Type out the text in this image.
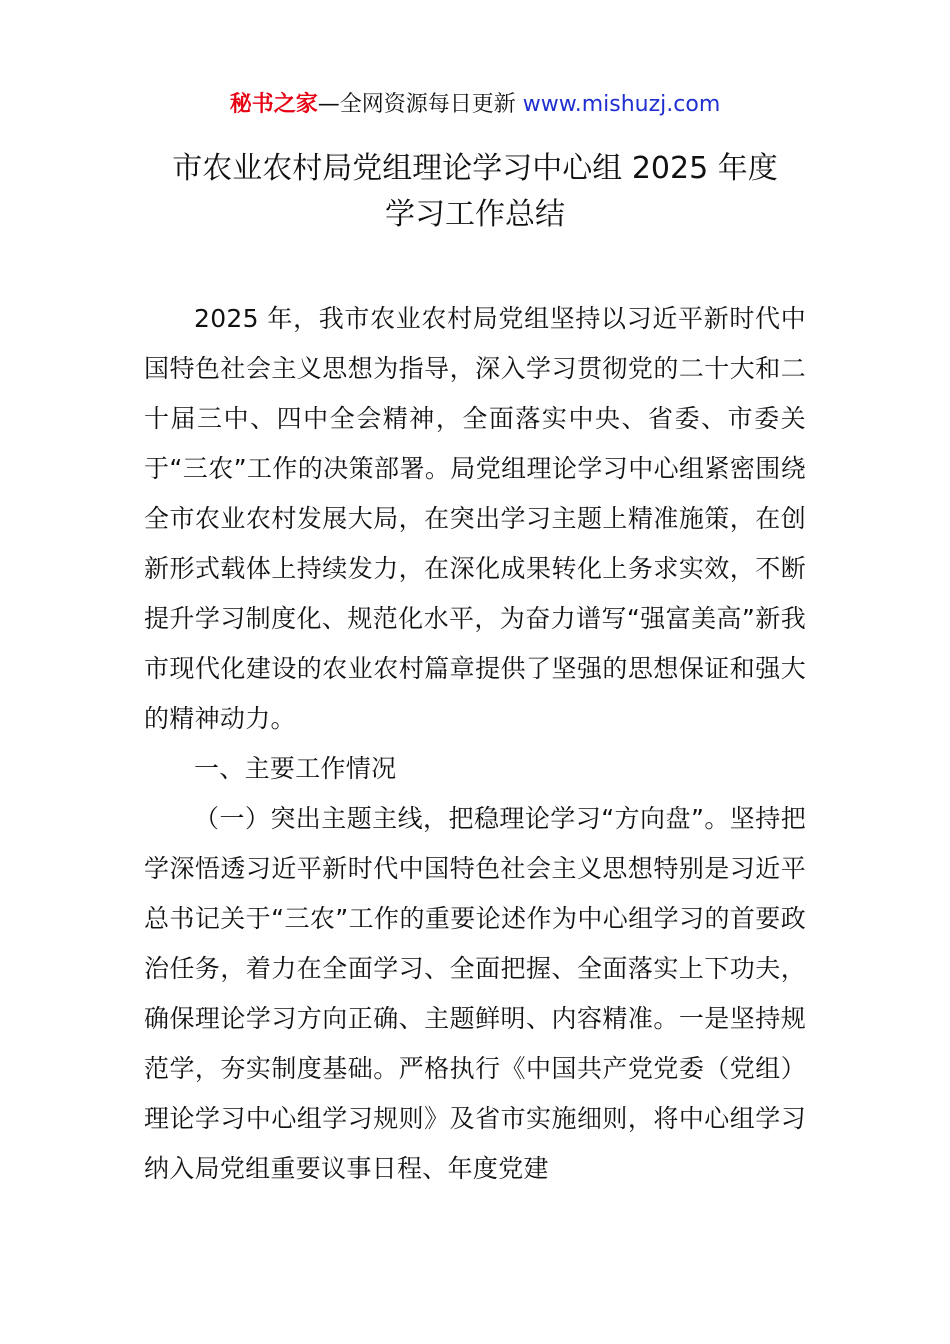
秘书之家—全网资源每日更新 www.mishuzj.com
市农业农村局党组理论学习中心组 2025 年度
学习工作总结

2025 年，我市农业农村局党组坚持以习近平新时代中国特色社会主义思想为指导，深入学习贯彻党的二十大和二十届三中、四中全会精神，全面落实中央、省委、市委关于“三农”工作的决策部署。局党组理论学习中心组紧密围绕全市农业农村发展大局，在突出学习主题上精准施策，在创新形式载体上持续发力，在深化成果转化上务求实效，不断提升学习制度化、规范化水平，为奋力谱写“强富美高”新我市现代化建设的农业农村篇章提供了坚强的思想保证和强大的精神动力。

一、主要工作情况

（一）突出主题主线，把稳理论学习“方向盘”。坚持把学深悟透习近平新时代中国特色社会主义思想特别是习近平总书记关于“三农”工作的重要论述作为中心组学习的首要政治任务，着力在全面学习、全面把握、全面落实上下功夫，确保理论学习方向正确、主题鲜明、内容精准。一是坚持规范学，夯实制度基础。严格执行《中国共产党党委（党组）理论学习中心组学习规则》及省市实施细则，将中心组学习纳入局党组重要议事日程、年度党建
